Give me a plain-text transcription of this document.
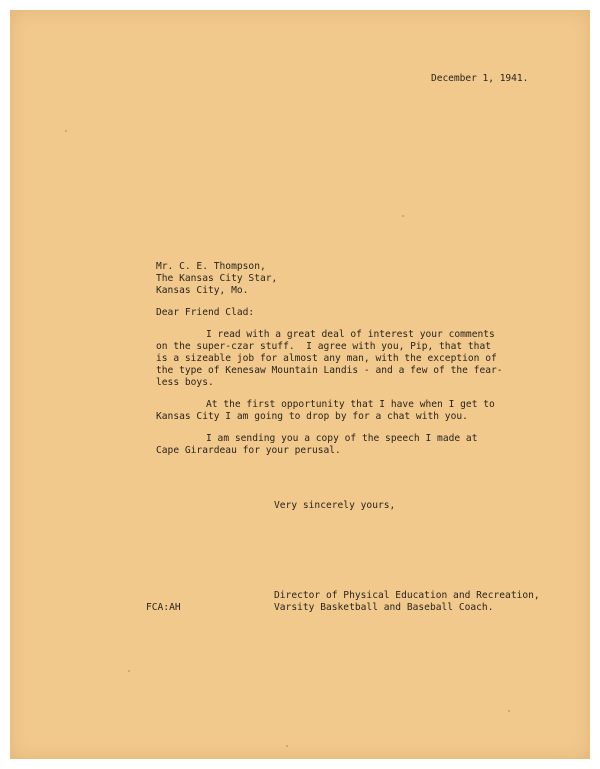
December 1, 1941.
Mr. C. E. Thompson,
The Kansas City Star,
Kansas City, Mo.
Dear Friend Clad:
I read with a great deal of interest your comments
on the super-czar stuff.  I agree with you, Pip, that that
is a sizeable job for almost any man, with the exception of
the type of Kenesaw Mountain Landis - and a few of the fear-
less boys.
At the first opportunity that I have when I get to
Kansas City I am going to drop by for a chat with you.
I am sending you a copy of the speech I made at
Cape Girardeau for your perusal.
Very sincerely yours,
Director of Physical Education and Recreation,
Varsity Basketball and Baseball Coach.
FCA:AH
